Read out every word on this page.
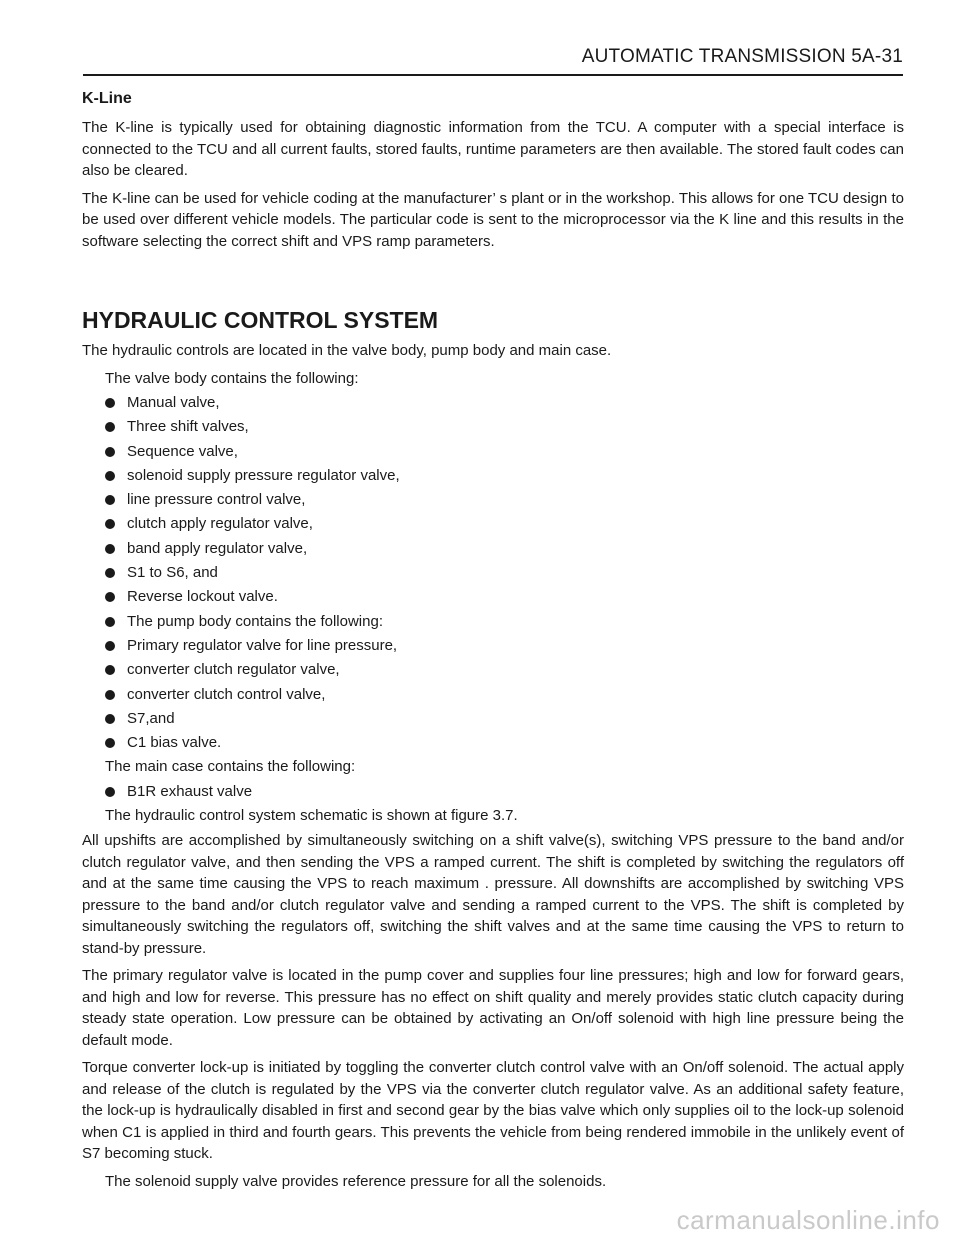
AUTOMATIC TRANSMISSION 5A-31
K-Line

The K-line is typically used for obtaining diagnostic information from the TCU. A computer with a special interface is connected to the TCU and all current faults, stored faults, runtime parameters are then available. The stored fault codes can also be cleared.

The K-line can be used for vehicle coding at the manufacturer’ s plant or in the workshop. This allows for one TCU design to be used over different vehicle models. The particular code is sent to the microprocessor via the K line and this results in the software selecting the correct shift and VPS ramp parameters.

HYDRAULIC CONTROL SYSTEM

The hydraulic controls are located in the valve body, pump body and main case.

The valve body contains the following:

Manual valve,
Three shift valves,
Sequence valve,
solenoid supply pressure regulator valve,
line pressure control valve,
clutch apply regulator valve,
band apply regulator valve,
S1 to S6, and
Reverse lockout valve.
The pump body contains the following:
Primary regulator valve for line pressure,
converter clutch regulator valve,
converter clutch control valve,
S7,and
C1 bias valve.

The main case contains the following:

B1R exhaust valve

The hydraulic control system schematic is shown at figure 3.7.

All upshifts are accomplished by simultaneously switching on a shift valve(s), switching VPS pressure to the band and/or clutch regulator valve, and then sending the VPS a ramped current. The shift is completed by switching the regulators off and at the same time causing the VPS to reach maximum . pressure. All downshifts are accomplished by switching VPS pressure to the band and/or clutch regulator valve and sending a ramped current to the VPS. The shift is completed by simultaneously switching the regulators off, switching the shift valves and at the same time causing the VPS to return to stand-by pressure.

The primary regulator valve is located in the pump cover and supplies four line pressures; high and low for forward gears, and high and low for reverse. This pressure has no effect on shift quality and merely provides static clutch capacity during steady state operation. Low pressure can be obtained by activating an On/off solenoid with high line pressure being the default mode.

Torque converter lock-up is initiated by toggling the converter clutch control valve with an On/off solenoid. The actual apply and release of the clutch is regulated by the VPS via the converter clutch regulator valve. As an additional safety feature, the lock-up is hydraulically disabled in first and second gear by the bias valve which only supplies oil to the lock-up solenoid when C1 is applied in third and fourth gears. This prevents the vehicle from being rendered immobile in the unlikely event of S7 becoming stuck.

The solenoid supply valve provides reference pressure for all the solenoids.

carmanualsonline.info
